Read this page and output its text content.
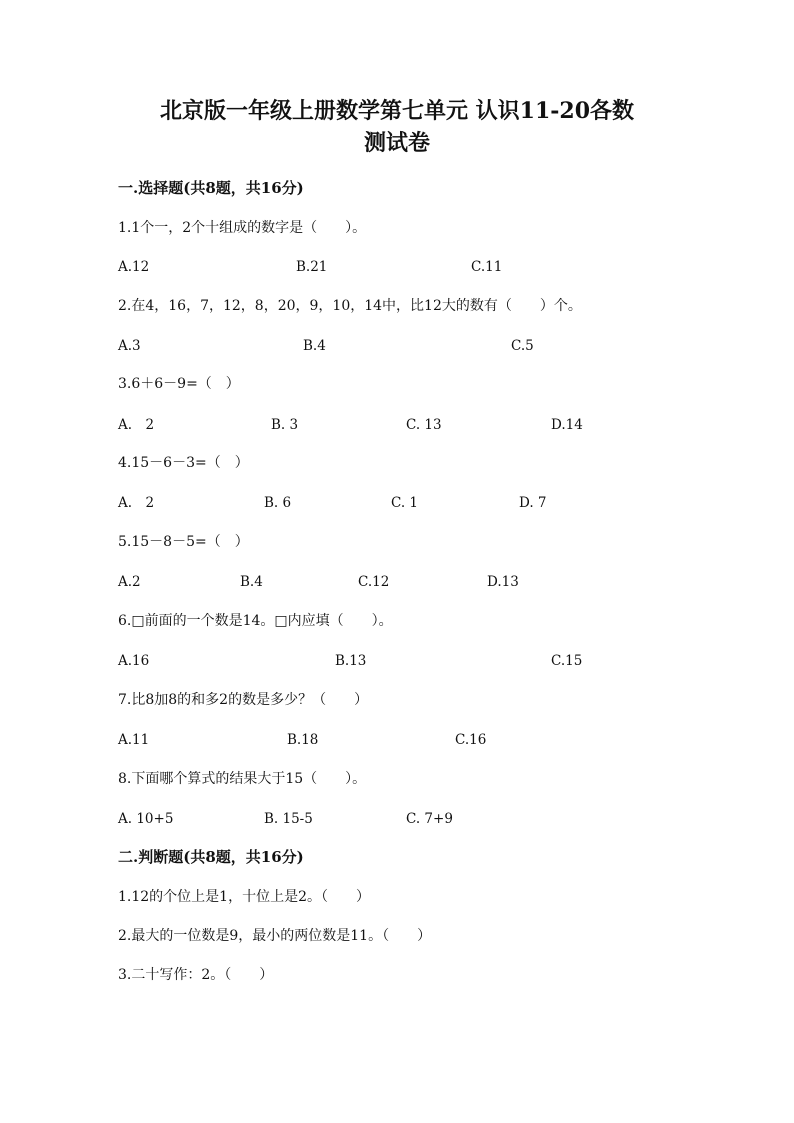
北京版一年级上册数学第七单元 认识11-20各数
测试卷
一.选择题(共8题，共16分)
1.1个一，2个十组成的数字是（　　）。
A.12	B.21	C.11
2.在4，16，7，12，8，20，9，10，14中，比12大的数有（　　）个。
A.3	B.4	C.5
3.6＋6－9=（　）
A.　2	B. 3	C. 13	D.14
4.15－6－3=（　）
A.　2	B. 6	C. 1	D. 7
5.15－8－5=（　）
A.2	B.4	C.12	D.13
6.□前面的一个数是14。□内应填（　　）。
A.16	B.13	C.15
7.比8加8的和多2的数是多少？（　　）
A.11	B.18	C.16
8.下面哪个算式的结果大于15（　　）。
A. 10+5	B. 15-5	C. 7+9
二.判断题(共8题，共16分)
1.12的个位上是1，十位上是2。（　　）
2.最大的一位数是9，最小的两位数是11。（　　）
3.二十写作：2。（　　）
